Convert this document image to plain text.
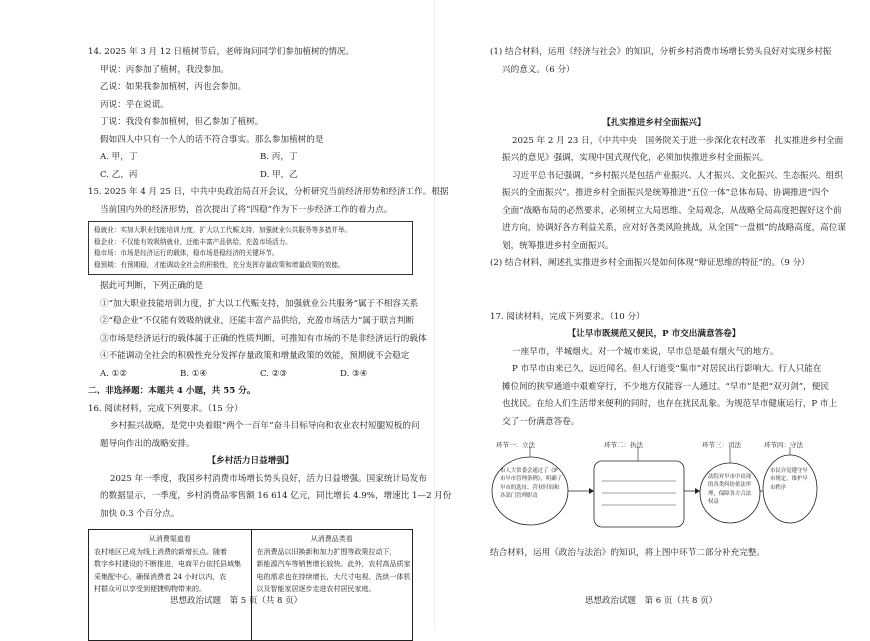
14. 2025 年 3 月 12 日植树节后，老师询问同学们参加植树的情况。
甲说：丙参加了植树，我没参加。
乙说：如果我参加植树，丙也会参加。
丙说：乎在说谎。
丁说：我没有参加植树，但乙参加了植树。
假如四人中只有一个人的话不符合事实。那么参加植树的是
A. 甲，丁	B. 丙，丁
C. 乙，丙	D. 甲，乙
15. 2025 年 4 月 25 日，中共中央政治局召开会议，分析研究当前经济形势和经济工作。根据
当前国内外的经济形势，首次提出了将“四稳”作为下一步经济工作的着力点。
稳就业：实加大职业技能培训力度，扩大以工代赈支持，加强就业公共服务等多措并举。
稳企业：不仅能有效吸纳就业，还能丰富产品供给，充盈市场活力。
稳市场：市场是经济运行的载体，稳市场是稳经济的关键环节。
稳预期：有预期稳，才能调动全社会的积极性，充分发挥存量政策和增量政策的效能。
据此可判断，下列正确的是
①“加大职业技能培训力度，扩大以工代赈支持，加强就业公共服务”属于不相容关系
②“稳企业”不仅能有效吸纳就业，还能丰富产品供给，充盈市场活力”属于联言判断
③市场是经济运行的载体属于正确的性质判断，可推知有市场的不是非经济运行的载体
④不能调动全社会的积极性充分发挥存量政策和增量政策的效能，预期就不会稳定
A. ①②	B. ①④	C. ②③	D. ③④
二、非选择题：本题共 4 小题，共 55 分。
16. 阅读材料，完成下列要求。（15 分）
乡村振兴战略，是党中央着眼“两个一百年”奋斗目标导向和农业农村短腿短板的问
题导向作出的战略安排。
【乡村活力日益增强】
2025 年一季度，我国乡村消费市场增长势头良好，活力日益增强。国家统计局发布
的数据显示，一季度，乡村消费品零售额 16 614 亿元，同比增长 4.9%，增速比 1—2 月份
加快 0.3 个百分点。
从消费渠道看
农村地区已成为线上消费的新增长点。随着
数字乡村建设的不断推进，电商平台依托县域集
采集配中心，确保消费者 24 小时以内，农
村群众可以享受到便捷购物带来的。
从消费品类看
在消费品以旧换新和加力扩围等政策拉动下，
新能源汽车等销售增长较快。此外，农村高品质家
电的需求也在持续增长，大尺寸电视、洗烘一体机
以及智能家居逐步走进农村居民家庭。
思想政治试题　第 5 页（共 8 页）
(1) 结合材料，运用《经济与社会》的知识，分析乡村消费市场增长势头良好对实现乡村振
兴的意义。（6 分）
【扎实推进乡村全面振兴】
2025 年 2 月 23 日，《中共中央　国务院关于进一步深化农村改革　扎实推进乡村全面
振兴的意见》强调，实现中国式现代化，必须加快推进乡村全面振兴。
习近平总书记强调，“乡村振兴是包括产业振兴、人才振兴、文化振兴、生态振兴、组织
振兴的全面振兴”。推进乡村全面振兴是统筹推进“五位一体”总体布局、协调推进“四个
全面”战略布局的必然要求，必须树立大局思维、全局观念，从战略全局高度把握好这个前
进方向，协调好各方利益关系，应对好各类风险挑战，从全国“一盘棋”的战略高度，高位谋
划，统筹推进乡村全面振兴。
(2) 结合材料，阐述扎实推进乡村全面振兴是如何体现“辩证思维的特征”的。（9 分）
17. 阅读材料，完成下列要求。（10 分）
【让早市既规范又便民，P 市交出满意答卷】
一座早市，半城烟火。对一个城市来说，早市总是最有烟火气的地方。
P 市早市由来已久，远近闻名。但人行道变“集市”对居民出行影响大。行人只能在
摊位间的狭窄通道中艰难穿行，不少地方仅能容一人通过。“早市”是把“双刃剑”，便民
也扰民。在给人们生活带来便利的同时，也存在扰民乱象。为规范早市健康运行，P 市上
交了一份满意答卷。
环节一：立法	环节二：执法	环节三：司法	环节四：守法
市人大常委会通过了《P 市早市管理条例》，明确了早市的选址、营业时间和各部门管理职责
法院对早市中出现的各类纠纷依法审理，保障各方合法权益
市民自觉遵守早市规定，维护早市秩序
结合材料，运用《政治与法治》的知识，将上图中环节二部分补充完整。
思想政治试题　第 6 页（共 8 页）
